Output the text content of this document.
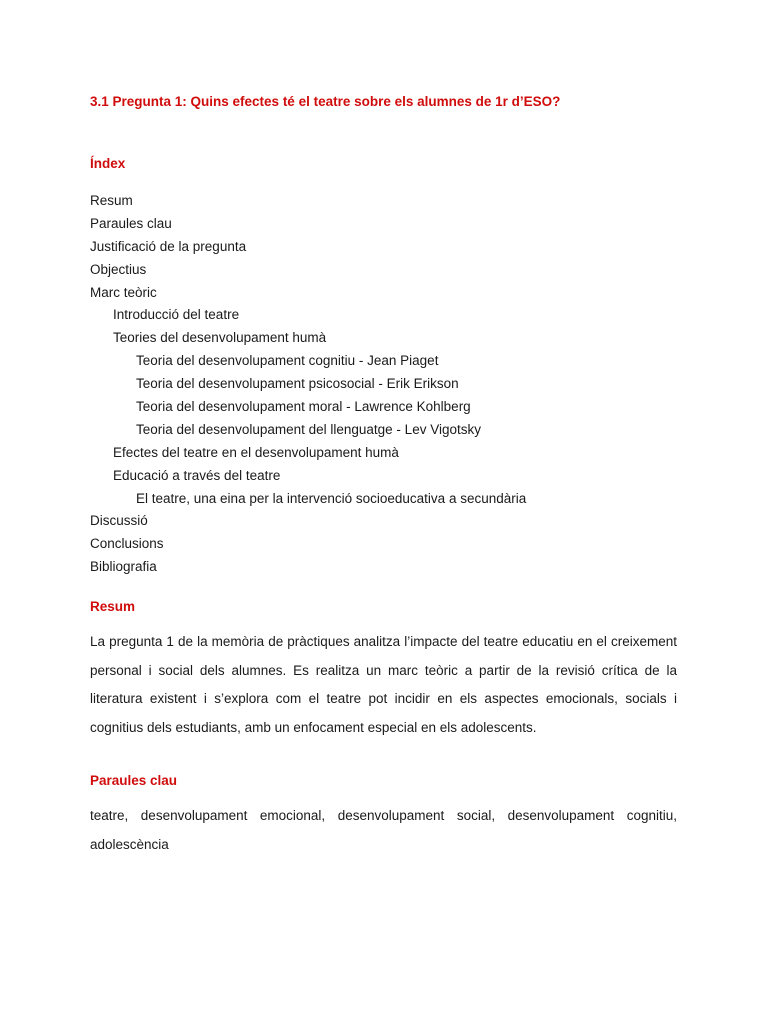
3.1 Pregunta 1: Quins efectes té el teatre sobre els alumnes de 1r d’ESO?
Índex
Resum
Paraules clau
Justificació de la pregunta
Objectius
Marc teòric
Introducció del teatre
Teories del desenvolupament humà
Teoria del desenvolupament cognitiu - Jean Piaget
Teoria del desenvolupament psicosocial - Erik Erikson
Teoria del desenvolupament moral - Lawrence Kohlberg
Teoria del desenvolupament del llenguatge - Lev Vigotsky
Efectes del teatre en el desenvolupament humà
Educació a través del teatre
El teatre, una eina per la intervenció socioeducativa a secundària
Discussió
Conclusions
Bibliografia
Resum

La pregunta 1 de la memòria de pràctiques analitza l’impacte del teatre educatiu en el creixement personal i social dels alumnes. Es realitza un marc teòric a partir de la revisió crítica de la literatura existent i s’explora com el teatre pot incidir en els aspectes emocionals, socials i cognitius dels estudiants, amb un enfocament especial en els adolescents.

Paraules clau

teatre, desenvolupament emocional, desenvolupament social, desenvolupament cognitiu, adolescència
